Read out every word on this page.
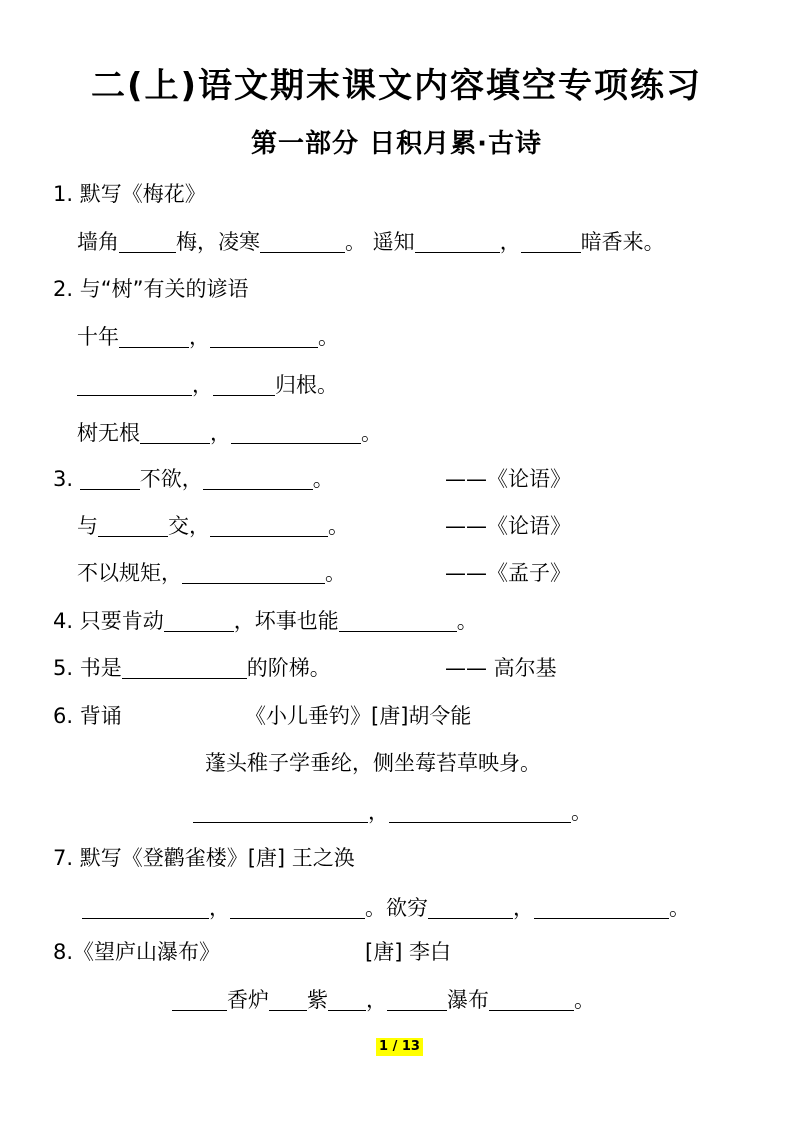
二(上)语文期末课文内容填空专项练习
第一部分 日积月累·古诗
1. 默写《梅花》
墙角	梅，凌寒	。 遥知	，	暗香来。
2. 与“树”有关的谚语
十年	，	。
，	归根。
树无根	，	。
3.	不欲，	。	——《论语》
与	交，	。	——《论语》
不以规矩，	。	——《孟子》
4. 只要肯动	，坏事也能	。
5. 书是	的阶梯。	—— 高尔基
6. 背诵	《小儿垂钓》[唐]胡令能
蓬头稚子学垂纶，侧坐莓苔草映身。
，	。
7. 默写《登鹳雀楼》[唐] 王之涣
，	。欲穷	，	。
8.《望庐山瀑布》	[唐] 李白
香炉 紫 ，	瀑布	。
1 / 13
